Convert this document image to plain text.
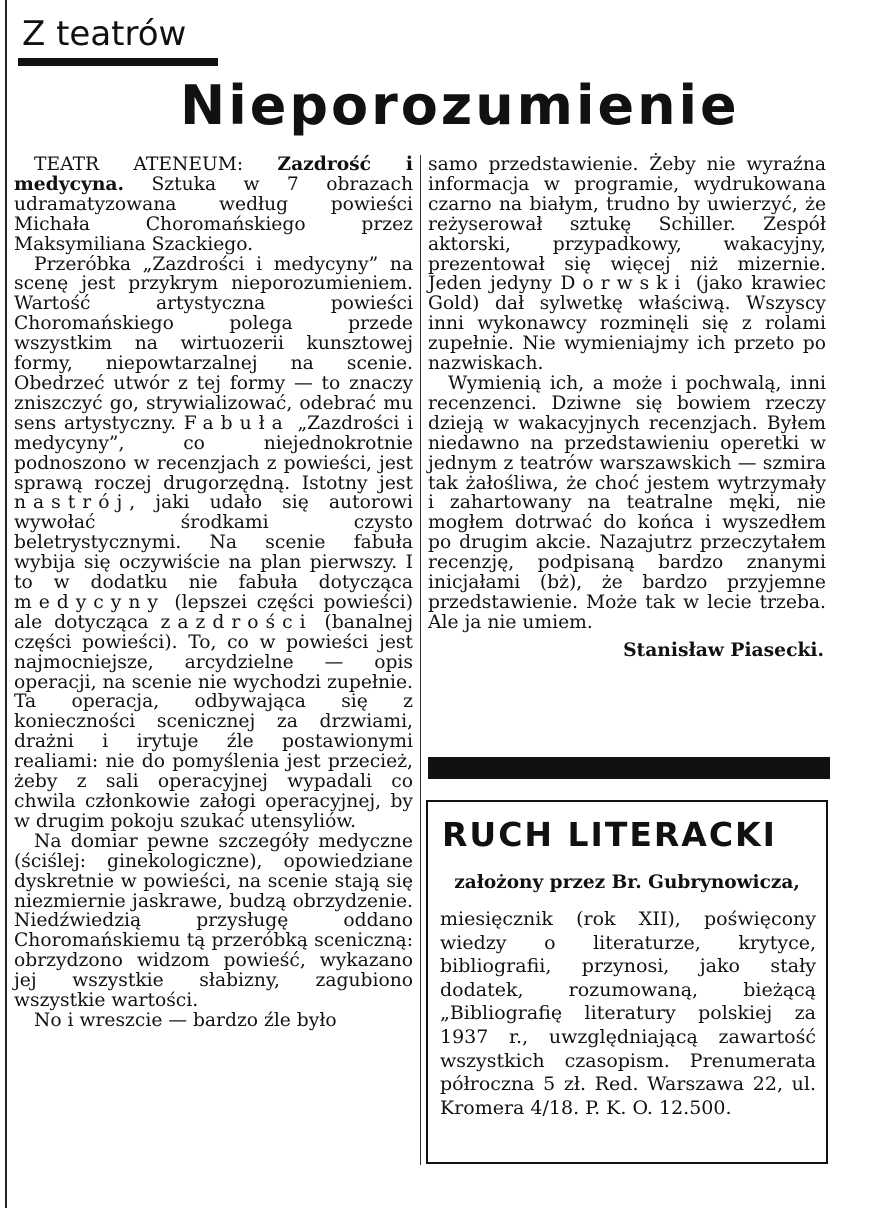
Z teatrów
Nieporozumienie

TEATR ATENEUM: Zazdrość i medycyna. Sztuka w 7 obrazach udramatyzowana według powieści Michała Choromańskiego przez Maksymiliana Szackiego.

Przeróbka „Zazdrości i medycyny” na scenę jest przykrym nieporozumieniem. Wartość artystyczna powieści Choromańskiego polega przede wszystkim na wirtuozerii kunsztowej formy, niepowtarzalnej na scenie. Obedrzeć utwór z tej formy — to znaczy zniszczyć go, strywializować, odebrać mu sens artystyczny. Fabuła „Zazdrości i medycyny”, co niejednokrotnie podnoszono w recenzjach z powieści, jest sprawą roczej drugorzędną. Istotny jest nastrój, jaki udało się autorowi wywołać środkami czysto beletrystycznymi. Na scenie fabuła wybija się oczywiście na plan pierwszy. I to w dodatku nie fabuła dotycząca medycyny (lepszei części powieści) ale dotycząca zazdrości (banalnej części powieści). To, co w powieści jest najmocniejsze, arcydzielne — opis operacji, na scenie nie wychodzi zupełnie. Ta operacja, odbywająca się z konieczności scenicznej za drzwiami, drażni i irytuje źle postawionymi realiami: nie do pomyślenia jest przecież, żeby z sali operacyjnej wypadali co chwila członkowie załogi operacyjnej, by w drugim pokoju szukać utensyliów.

Na domiar pewne szczegóły medyczne (ściślej: ginekologiczne), opowiedziane dyskretnie w powieści, na scenie stają się niezmiernie jaskrawe, budzą obrzydzenie. Niedźwiedzią przysługę oddano Choromańskiemu tą przeróbką sceniczną: obrzydzono widzom powieść, wykazano jej wszystkie słabizny, zagubiono wszystkie wartości.

No i wreszcie — bardzo źle było

samo przedstawienie. Żeby nie wyraźna informacja w programie, wydrukowana czarno na białym, trudno by uwierzyć, że reżyserował sztukę Schiller. Zespół aktorski, przypadkowy, wakacyjny, prezentował się więcej niż mizernie. Jeden jedyny Dorwski (jako krawiec Gold) dał sylwetkę właściwą. Wszyscy inni wykonawcy rozminęli się z rolami zupełnie. Nie wymieniajmy ich przeto po nazwiskach.

Wymienią ich, a może i pochwalą, inni recenzenci. Dziwne się bowiem rzeczy dzieją w wakacyjnych recenzjach. Byłem niedawno na przedstawieniu operetki w jednym z teatrów warszawskich — szmira tak żałośliwa, że choć jestem wytrzymały i zahartowany na teatralne męki, nie mogłem dotrwać do końca i wyszedłem po drugim akcie. Nazajutrz przeczytałem recenzję, podpisaną bardzo znanymi inicjałami (bż), że bardzo przyjemne przedstawienie. Może tak w lecie trzeba. Ale ja nie umiem.

Stanisław Piasecki.

RUCH LITERACKI
założony przez Br. Gubrynowicza,

miesięcznik (rok XII), poświęcony wiedzy o literaturze, krytyce, bibliografii, przynosi, jako stały dodatek, rozumowaną, bieżącą „Bibliografię literatury polskiej za 1937 r., uwzględniającą zawartość wszystkich czasopism. Prenumerata półroczna 5 zł. Red. Warszawa 22, ul. Kromera 4/18. P. K. O. 12.500.
